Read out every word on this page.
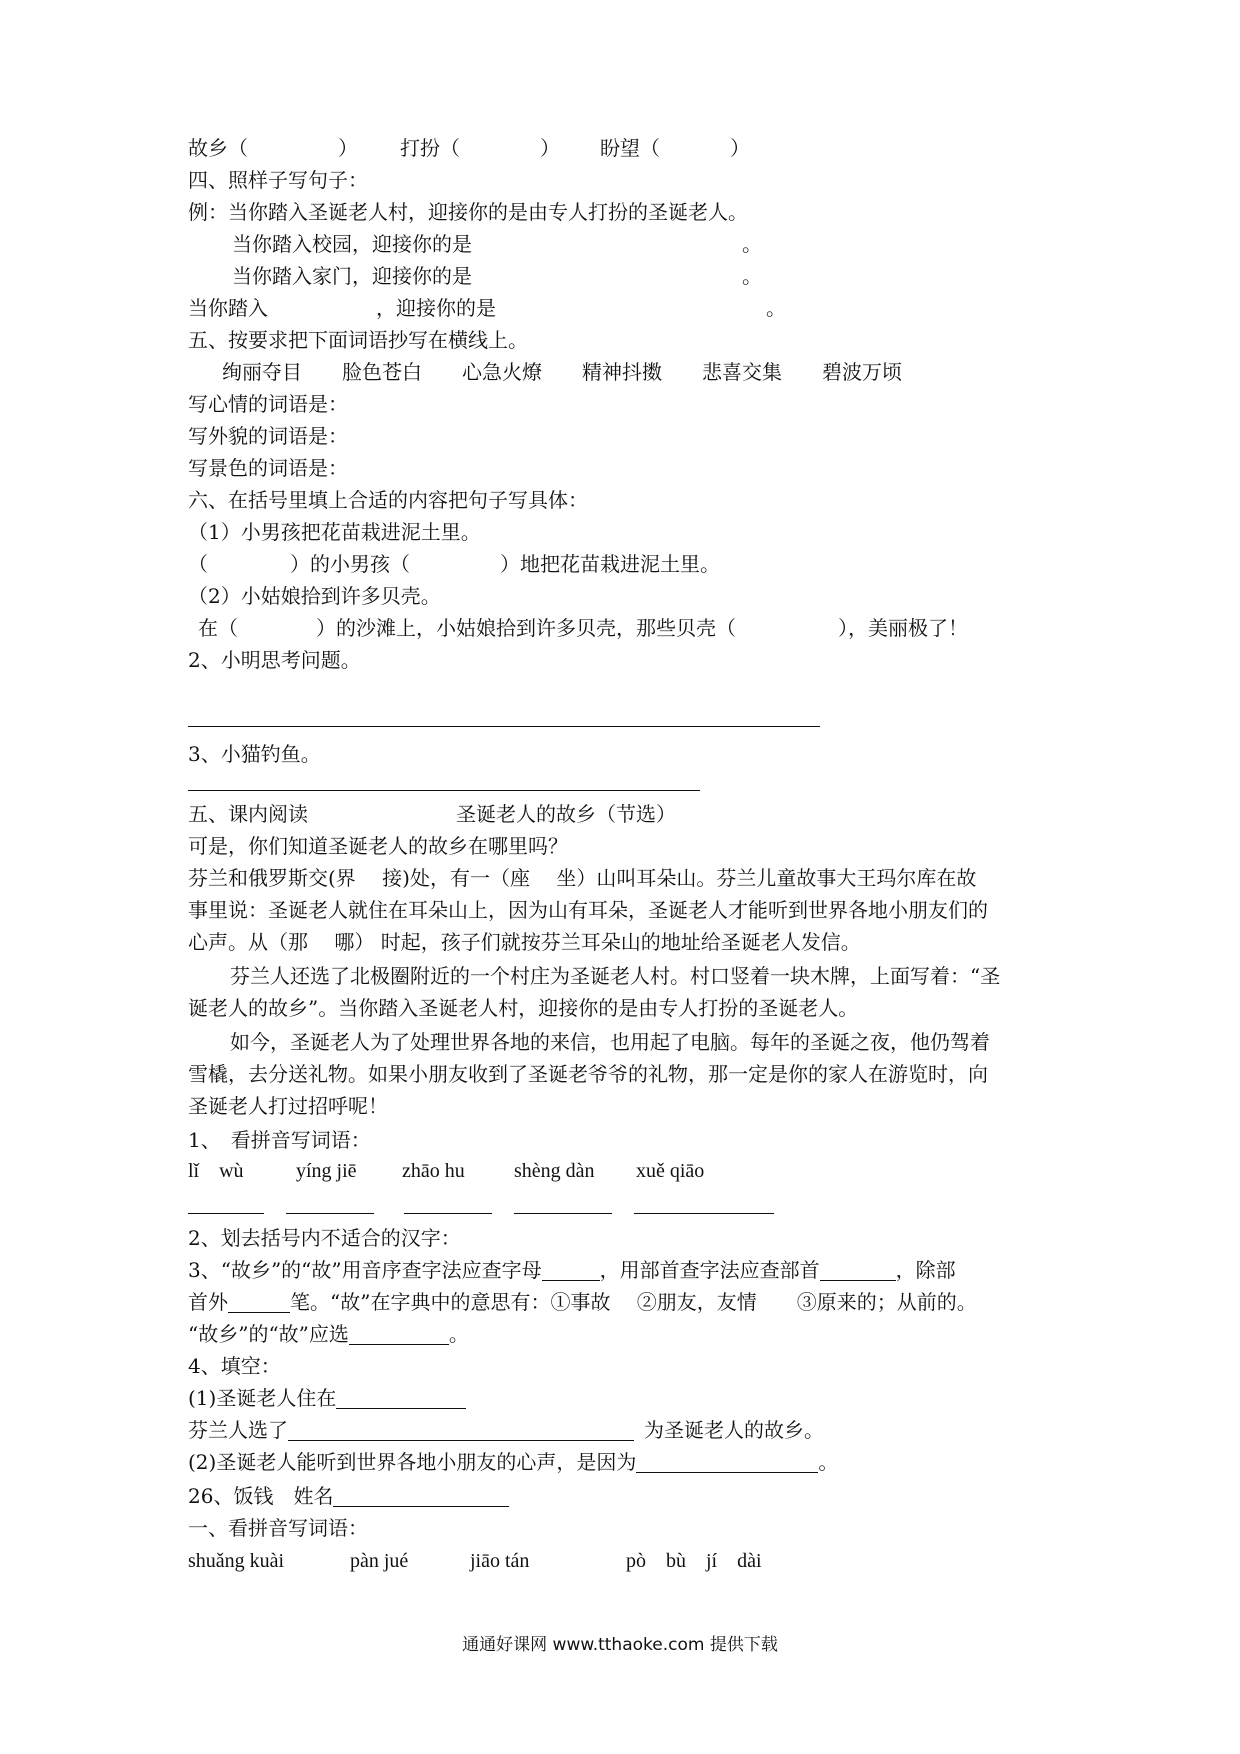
故乡（	） 打扮（	） 盼望（	）
四、照样子写句子：
例：当你踏入圣诞老人村，迎接你的是由专人打扮的圣诞老人。
当你踏入校园，迎接你的是	。
当你踏入家门，迎接你的是	。
当你踏入	，迎接你的是	。
五、按要求把下面词语抄写在横线上。
绚丽夺目 脸色苍白 心急火燎 精神抖擞 悲喜交集 碧波万顷
写心情的词语是：
写外貌的词语是：
写景色的词语是：
六、在括号里填上合适的内容把句子写具体：
（1）小男孩把花苗栽进泥土里。
（	）的小男孩（	）地把花苗栽进泥土里。
（2）小姑娘拾到许多贝壳。
在（	）的沙滩上，小姑娘拾到许多贝壳，那些贝壳（	），美丽极了！
2、小明思考问题。
3、小猫钓鱼。
五、课内阅读	圣诞老人的故乡（节选）
可是，你们知道圣诞老人的故乡在哪里吗？
芬兰和俄罗斯交(界　 接)处，有一（座　 坐）山叫耳朵山。芬兰儿童故事大王玛尔库在故
事里说：圣诞老人就住在耳朵山上，因为山有耳朵，圣诞老人才能听到世界各地小朋友们的
心声。从（那　 哪） 时起，孩子们就按芬兰耳朵山的地址给圣诞老人发信。
芬兰人还选了北极圈附近的一个村庄为圣诞老人村。村口竖着一块木牌，上面写着：“圣
诞老人的故乡”。当你踏入圣诞老人村，迎接你的是由专人打扮的圣诞老人。
如今，圣诞老人为了处理世界各地的来信，也用起了电脑。每年的圣诞之夜，他仍驾着
雪橇，去分送礼物。如果小朋友收到了圣诞老爷爷的礼物，那一定是你的家人在游览时，向
圣诞老人打过招呼呢！
1、　看拼音写词语：
lǐ　wù	yíng jiē zhāo hu shèng dàn xuě qiāo
2、划去括号内不适合的汉字：
3、“故乡”的“故”用音序查字法应查字母	，用部首查字法应查部首	，除部
首外	笔。“故”在字典中的意思有：①事故　 ②朋友，友情　　③原来的；从前的。
“故乡”的“故”应选	。
4、填空：
(1)圣诞老人住在
芬兰人选了	为圣诞老人的故乡。
(2)圣诞老人能听到世界各地小朋友的心声，是因为	。
26、饭钱　姓名
一、看拼音写词语：
shuǎng kuài	pàn jué	jiāo tán	pò　bù　jí　dài
通通好课网 www.tthaoke.com 提供下载
